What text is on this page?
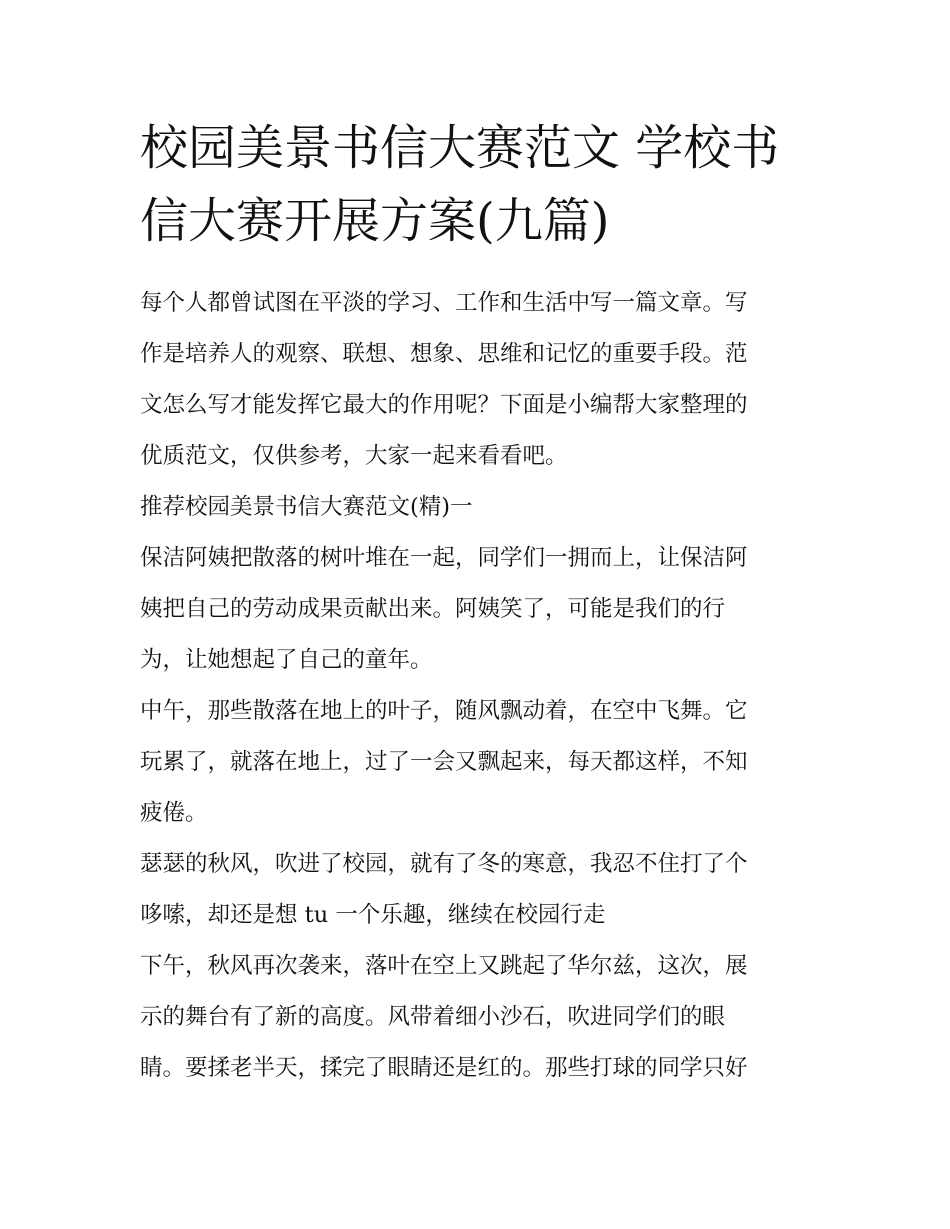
校园美景书信大赛范文 学校书
信大赛开展方案(九篇)
每个人都曾试图在平淡的学习、工作和生活中写一篇文章。写
作是培养人的观察、联想、想象、思维和记忆的重要手段。范
文怎么写才能发挥它最大的作用呢？下面是小编帮大家整理的
优质范文，仅供参考，大家一起来看看吧。
推荐校园美景书信大赛范文(精)一
保洁阿姨把散落的树叶堆在一起，同学们一拥而上，让保洁阿
姨把自己的劳动成果贡献出来。阿姨笑了，可能是我们的行
为，让她想起了自己的童年。
中午，那些散落在地上的叶子，随风飘动着，在空中飞舞。它
玩累了，就落在地上，过了一会又飘起来，每天都这样，不知
疲倦。
瑟瑟的秋风，吹进了校园，就有了冬的寒意，我忍不住打了个
哆嗦，却还是想 tu 一个乐趣，继续在校园行走
下午，秋风再次袭来，落叶在空上又跳起了华尔兹，这次，展
示的舞台有了新的高度。风带着细小沙石，吹进同学们的眼
睛。要揉老半天，揉完了眼睛还是红的。那些打球的同学只好
